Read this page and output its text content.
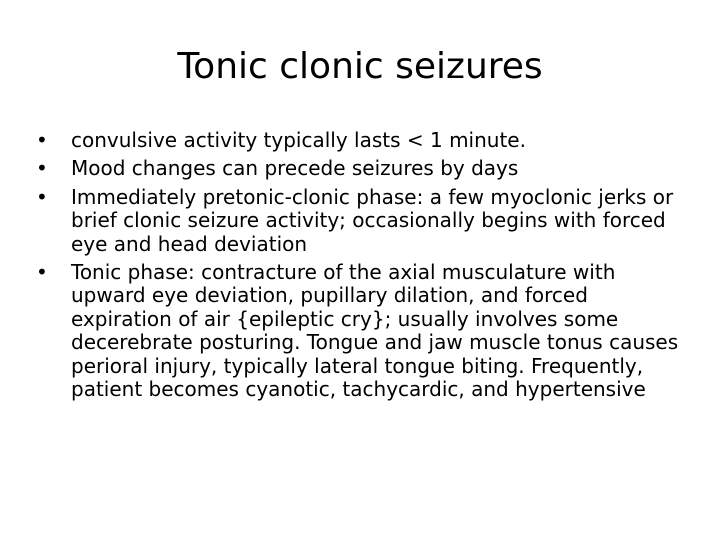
Tonic clonic seizures
•	convulsive activity typically lasts < 1 minute.
•	Mood changes can precede seizures by days
•	Immediately pretonic-clonic phase: a few myoclonic jerks or brief clonic seizure activity; occasionally begins with forced eye and head deviation
•	Tonic phase: contracture of the axial musculature with upward eye deviation, pupillary dilation, and forced expiration of air {epileptic cry}; usually involves some decerebrate posturing. Tongue and jaw muscle tonus causes perioral injury, typically lateral tongue biting. Frequently, patient becomes cyanotic, tachycardic, and hypertensive
